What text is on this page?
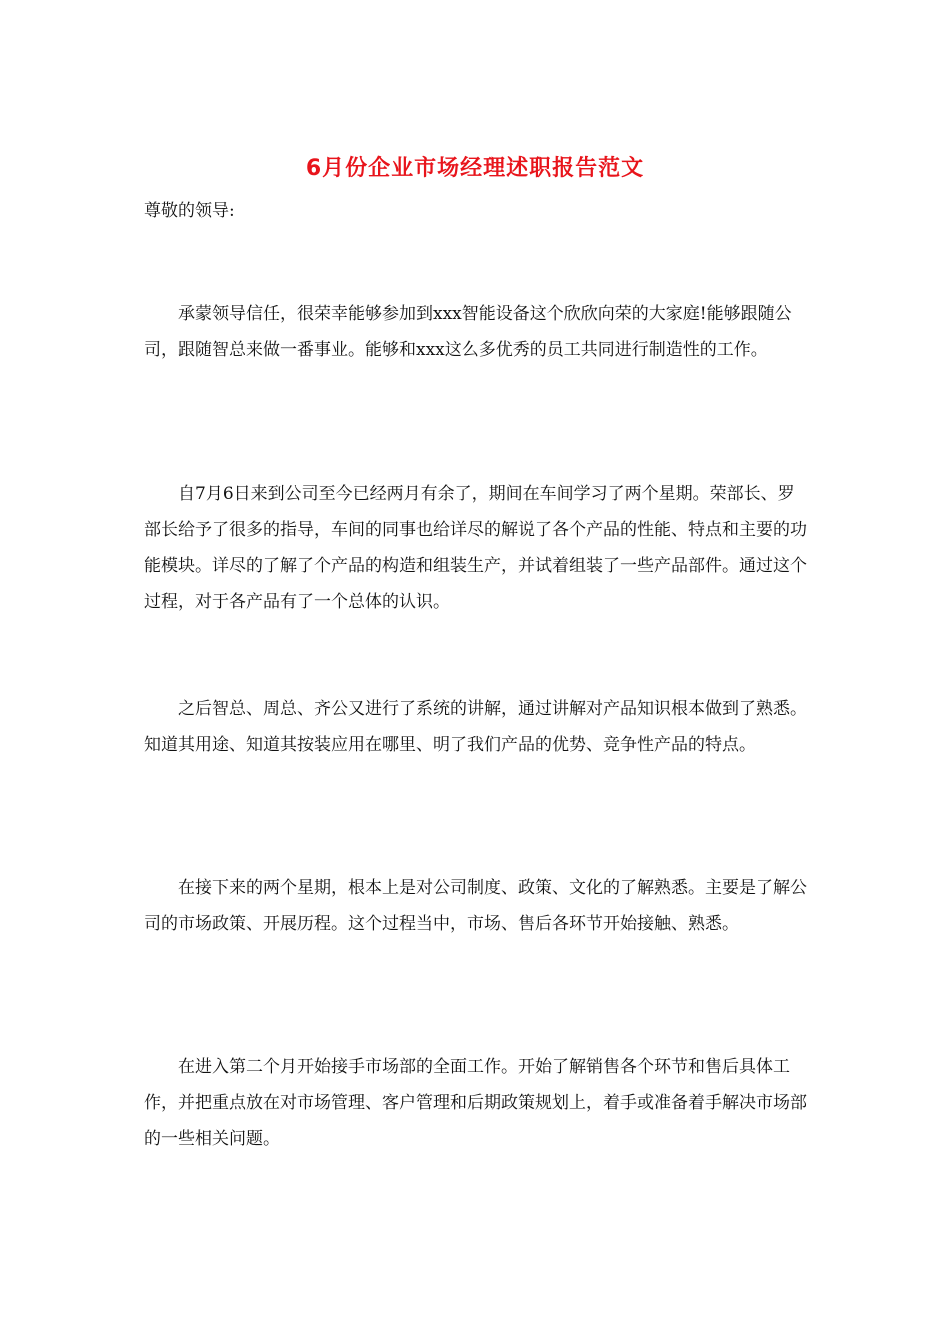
6月份企业市场经理述职报告范文

尊敬的领导:

承蒙领导信任，很荣幸能够参加到xxx智能设备这个欣欣向荣的大家庭!能够跟随公司，跟随智总来做一番事业。能够和xxx这么多优秀的员工共同进行制造性的工作。

自7月6日来到公司至今已经两月有余了，期间在车间学习了两个星期。荣部长、罗部长给予了很多的指导，车间的同事也给详尽的解说了各个产品的性能、特点和主要的功能模块。详尽的了解了个产品的构造和组装生产，并试着组装了一些产品部件。通过这个过程，对于各产品有了一个总体的认识。

之后智总、周总、齐公又进行了系统的讲解，通过讲解对产品知识根本做到了熟悉。知道其用途、知道其按装应用在哪里、明了我们产品的优势、竞争性产品的特点。

在接下来的两个星期，根本上是对公司制度、政策、文化的了解熟悉。主要是了解公司的市场政策、开展历程。这个过程当中，市场、售后各环节开始接触、熟悉。

在进入第二个月开始接手市场部的全面工作。开始了解销售各个环节和售后具体工作，并把重点放在对市场管理、客户管理和后期政策规划上，着手或准备着手解决市场部的一些相关问题。
